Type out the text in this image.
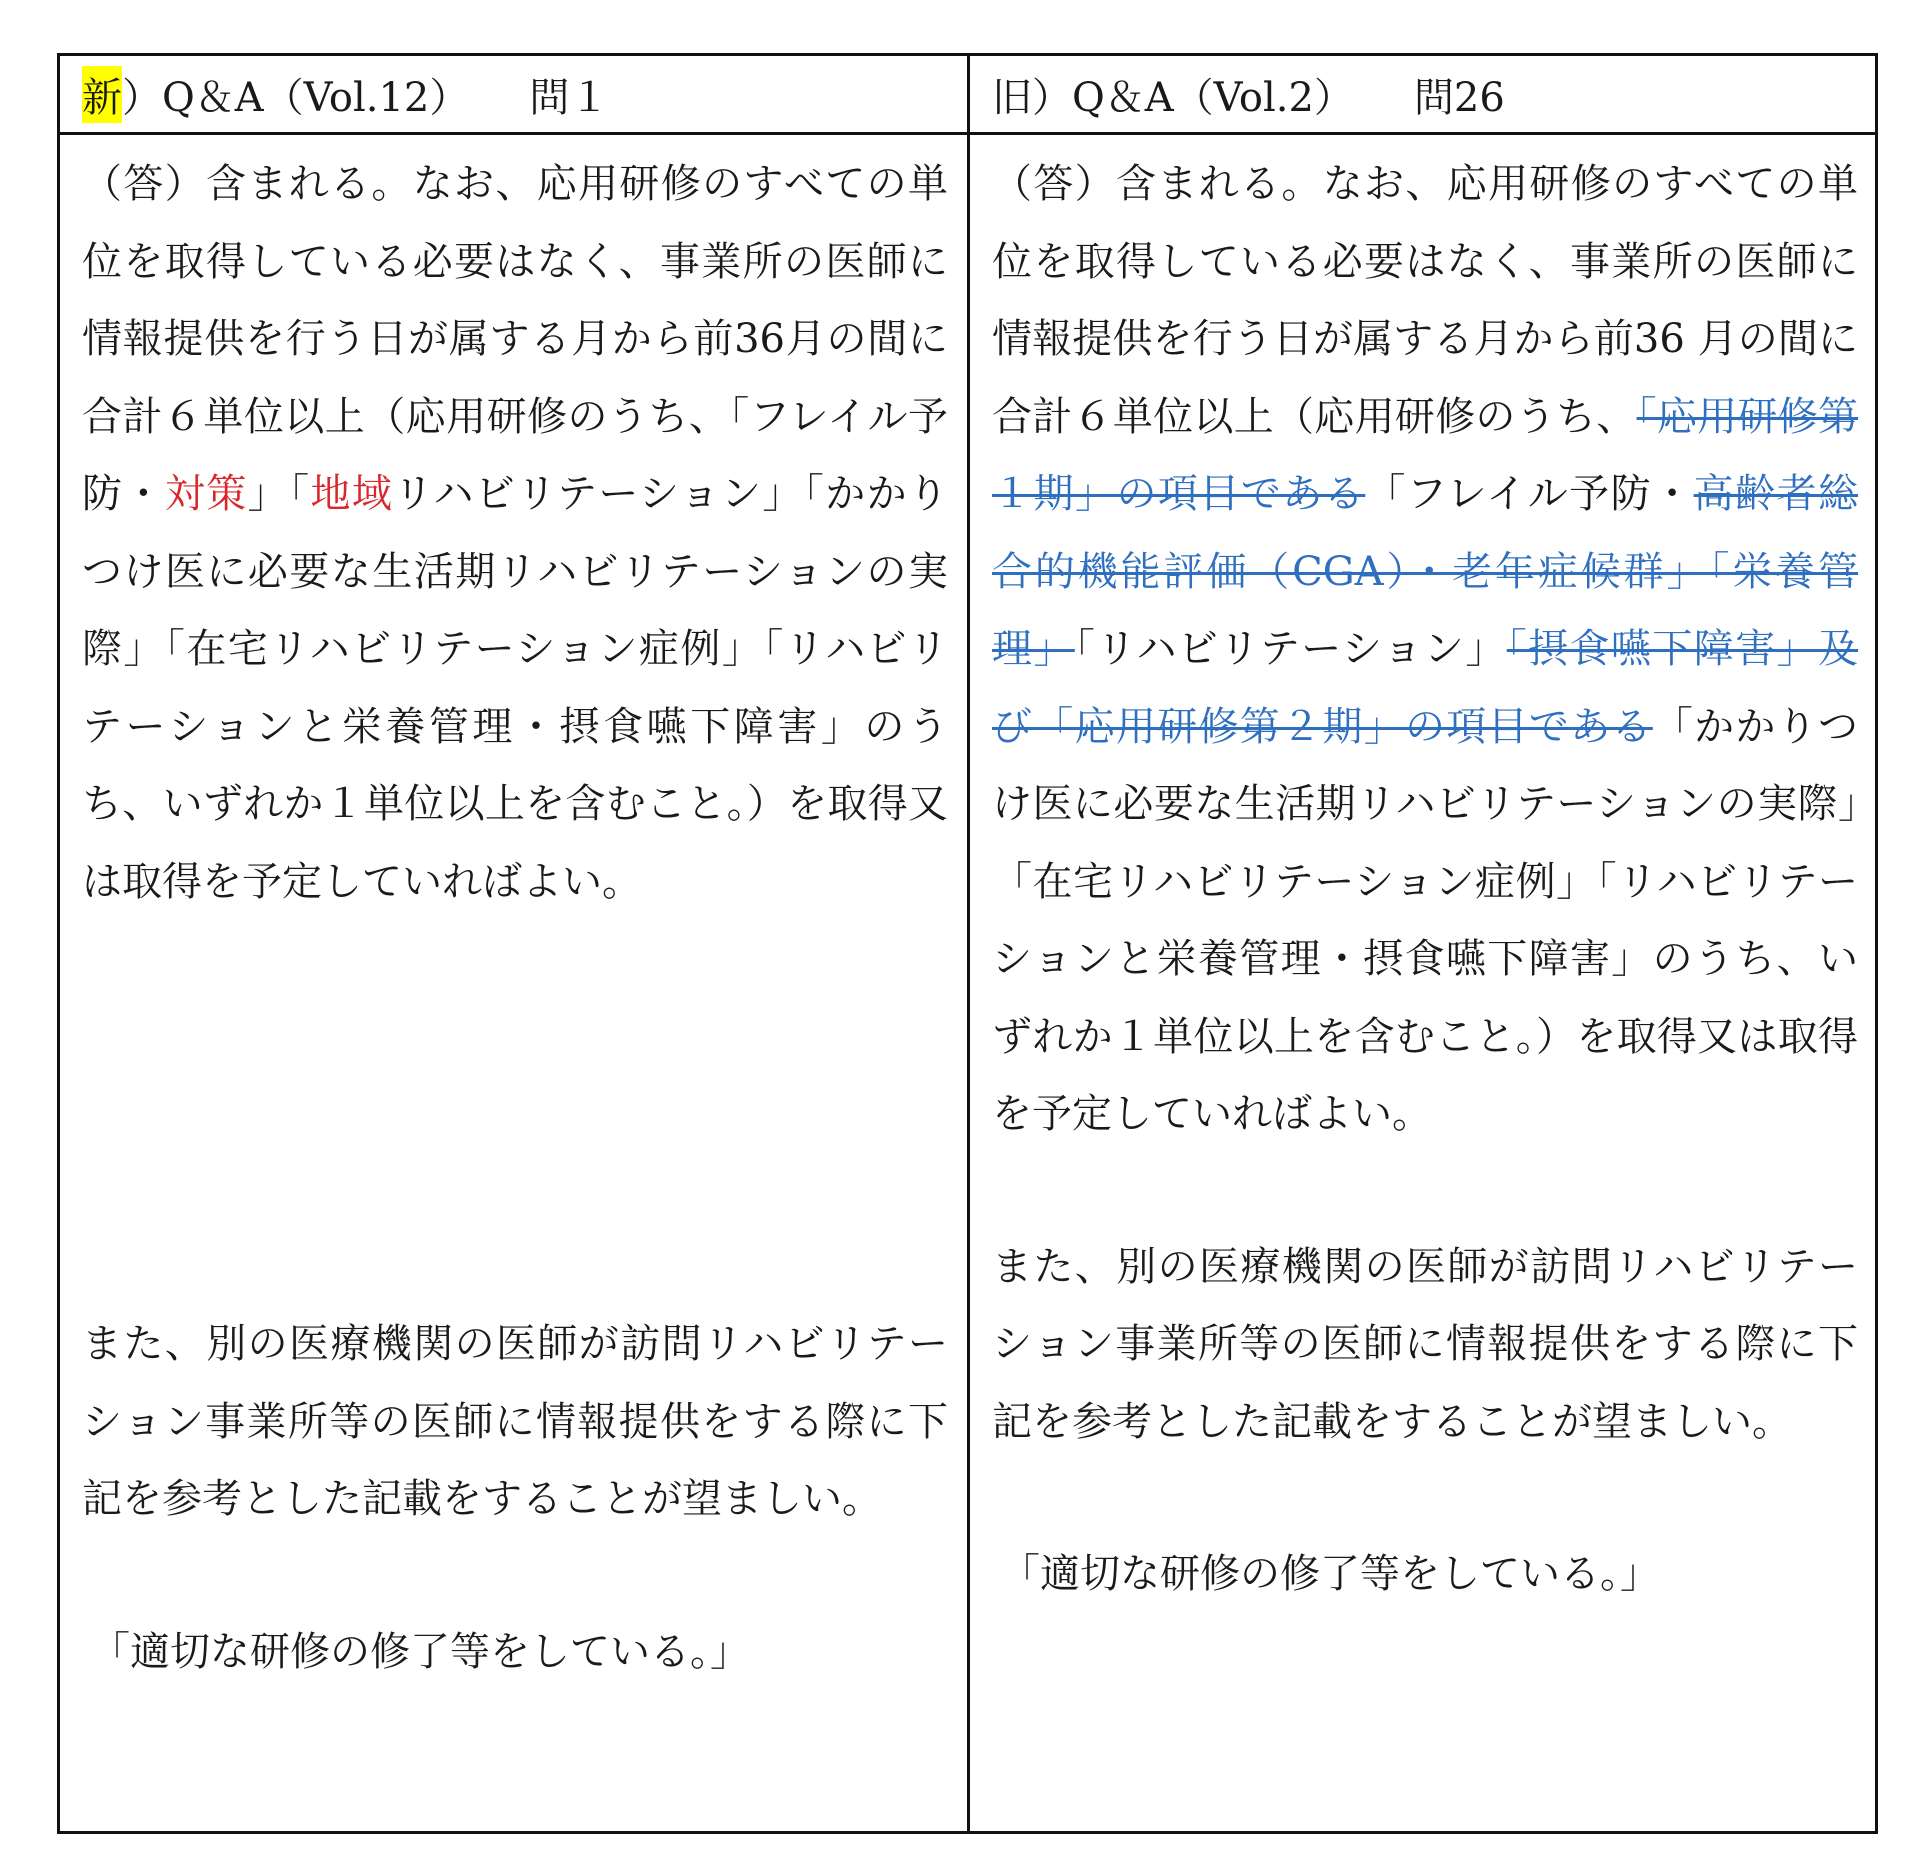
新 ）Q＆A（Vol.12） 問１	旧）Q＆A（Vol.2） 問26

（答）含まれる。なお、応用研修のすべての単位を取得している必要はなく、事業所の医師に情報提供を行う日が属する月から前36月の間に合計６単位以上（応用研修のうち、「フレイル予防・対策」「地域リハビリテーション」「かかりつけ医に必要な生活期リハビリテーションの実際」「在宅リハビリテーション症例」「リハビリテーションと栄養管理・摂食嚥下障害」のうち、いずれか１単位以上を含むこと。）を取得又は取得を予定していればよい。

また、別の医療機関の医師が訪問リハビリテーション事業所等の医師に情報提供をする際に下記を参考とした記載をすることが望ましい。

「適切な研修の修了等をしている。」

（答）含まれる。なお、応用研修のすべての単位を取得している必要はなく、事業所の医師に情報提供を行う日が属する月から前36 月の間に合計６単位以上（応用研修のうち、「応用研修第１期」の項目である「フレイル予防・高齢者総合的機能評価（CGA）・老年症候群」「栄養管理」「リハビリテーション」「摂食嚥下障害」及び「応用研修第２期」の項目である「かかりつけ医に必要な生活期リハビリテーションの実際」「在宅リハビリテーション症例」「リハビリテーションと栄養管理・摂食嚥下障害」のうち、いずれか１単位以上を含むこと。）を取得又は取得を予定していればよい。

また、別の医療機関の医師が訪問リハビリテーション事業所等の医師に情報提供をする際に下記を参考とした記載をすることが望ましい。

「適切な研修の修了等をしている。」
